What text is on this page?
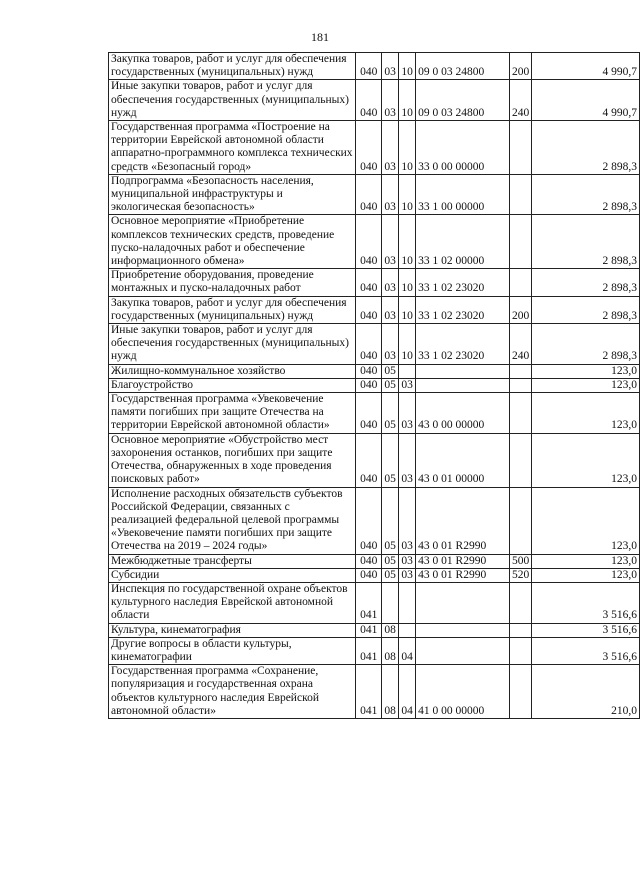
181
Закупка товаров, работ и услуг для обеспечения государственных (муниципальных) нужд	040	03	10	09 0 03 24800	200	4 990,7
Иные закупки товаров, работ и услуг для обеспечения государственных (муниципальных) нужд	040	03	10	09 0 03 24800	240	4 990,7
Государственная программа «Построение на территории Еврейской автономной области аппаратно-программного комплекса технических средств «Безопасный город»	040	03	10	33 0 00 00000		2 898,3
Подпрограмма «Безопасность населения, муниципальной инфраструктуры и экологическая безопасность»	040	03	10	33 1 00 00000		2 898,3
Основное мероприятие «Приобретение комплексов технических средств, проведение пуско-наладочных работ и обеспечение информационного обмена»	040	03	10	33 1 02 00000		2 898,3
Приобретение оборудования, проведение монтажных и пуско-наладочных работ	040	03	10	33 1 02 23020		2 898,3
Закупка товаров, работ и услуг для обеспечения государственных (муниципальных) нужд	040	03	10	33 1 02 23020	200	2 898,3
Иные закупки товаров, работ и услуг для обеспечения государственных (муниципальных) нужд	040	03	10	33 1 02 23020	240	2 898,3
Жилищно-коммунальное хозяйство	040	05				123,0
Благоустройство	040	05	03			123,0
Государственная программа «Увековечение памяти погибших при защите Отечества на территории Еврейской автономной области»	040	05	03	43 0 00 00000		123,0
Основное мероприятие «Обустройство мест захоронения останков, погибших при защите Отечества, обнаруженных в ходе проведения поисковых работ»	040	05	03	43 0 01 00000		123,0
Исполнение расходных обязательств субъектов Российской Федерации, связанных с реализацией федеральной целевой программы «Увековечение памяти погибших при защите Отечества на 2019 – 2024 годы»	040	05	03	43 0 01 R2990		123,0
Межбюджетные трансферты	040	05	03	43 0 01 R2990	500	123,0
Субсидии	040	05	03	43 0 01 R2990	520	123,0
Инспекция по государственной охране объектов культурного наследия Еврейской автономной области	041					3 516,6
Культура, кинематография	041	08				3 516,6
Другие вопросы в области культуры, кинематографии	041	08	04			3 516,6
Государственная программа «Сохранение, популяризация и государственная охрана объектов культурного наследия Еврейской автономной области»	041	08	04	41 0 00 00000		210,0
